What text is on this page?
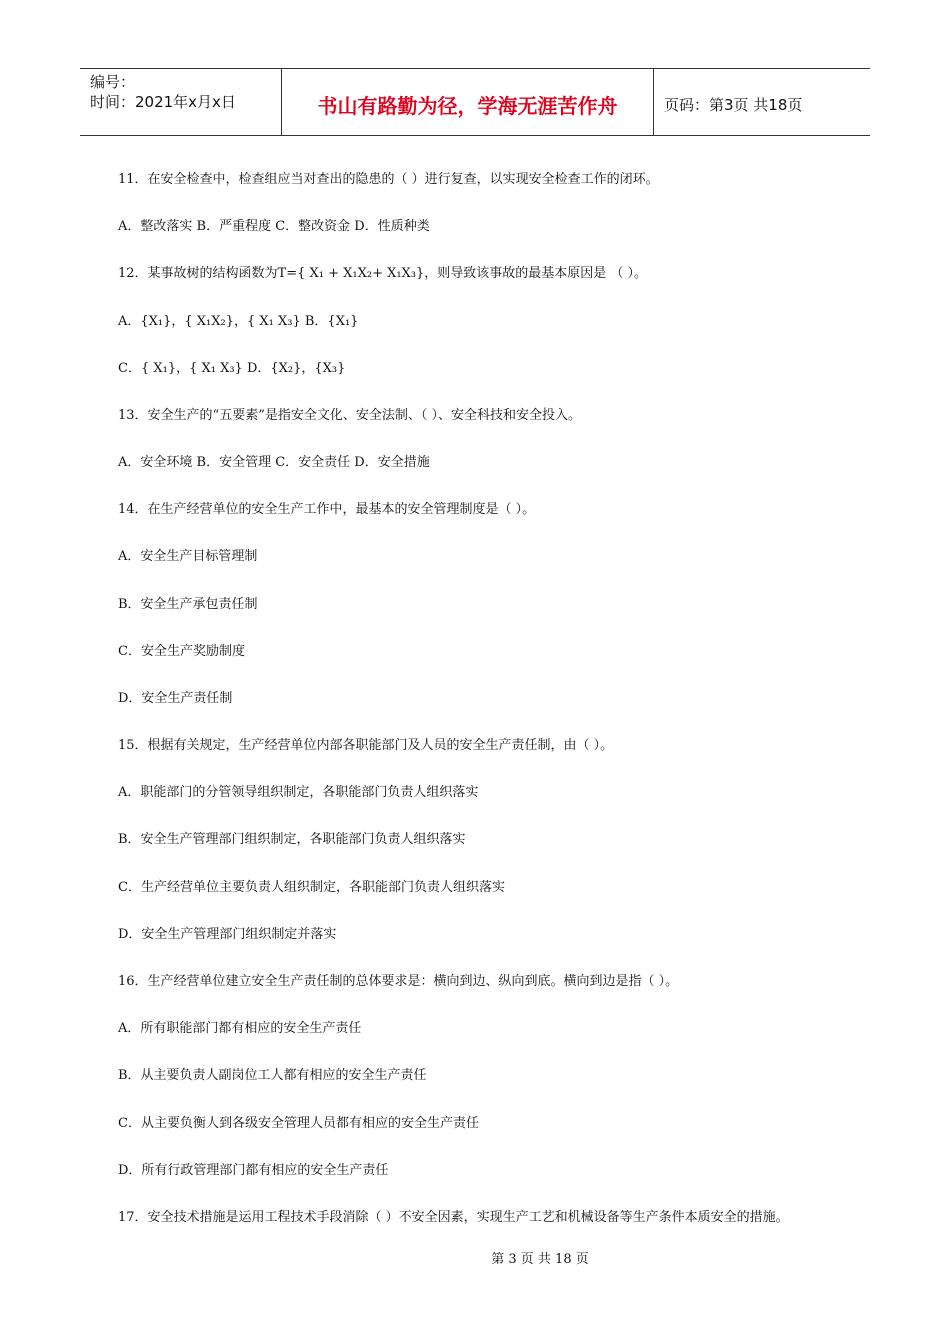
编号：
时间：2021年x月x日	书山有路勤为径，学海无涯苦作舟	页码：第3页 共18页
11．在安全检查中，检查组应当对查出的隐患的（ ）进行复查，以实现安全检查工作的闭环。
A．整改落实 B．严重程度 C．整改资金 D．性质种类
12．某事故树的结构函数为T={ X₁ + X₁X₂+ X₁X₃}，则导致该事故的最基本原因是 （ ）。
A．{X₁}，{ X₁X₂}，{ X₁ X₃} B．{X₁}
C．{ X₁}，{ X₁ X₃} D．{X₂}，{X₃}
13．安全生产的“五要素”是指安全文化、安全法制、（ ）、安全科技和安全投入。
A．安全环境 B．安全管理 C．安全责任 D．安全措施
14．在生产经营单位的安全生产工作中，最基本的安全管理制度是（ ）。
A．安全生产目标管理制
B．安全生产承包责任制
C．安全生产奖励制度
D．安全生产责任制
15．根据有关规定，生产经营单位内部各职能部门及人员的安全生产责任制，由（ ）。
A．职能部门的分管领导组织制定，各职能部门负责人组织落实
B．安全生产管理部门组织制定，各职能部门负责人组织落实
C．生产经营单位主要负责人组织制定，各职能部门负责人组织落实
D．安全生产管理部门组织制定并落实
16．生产经营单位建立安全生产责任制的总体要求是：横向到边、纵向到底。横向到边是指（ ）。
A．所有职能部门都有相应的安全生产责任
B．从主要负责人副岗位工人都有相应的安全生产责任
C．从主要负衡人到各级安全管理人员都有相应的安全生产责任
D．所有行政管理部门都有相应的安全生产责任
17．安全技术措施是运用工程技术手段消除（ ）不安全因素，实现生产工艺和机械设备等生产条件本质安全的措施。
第 3 页 共 18 页
